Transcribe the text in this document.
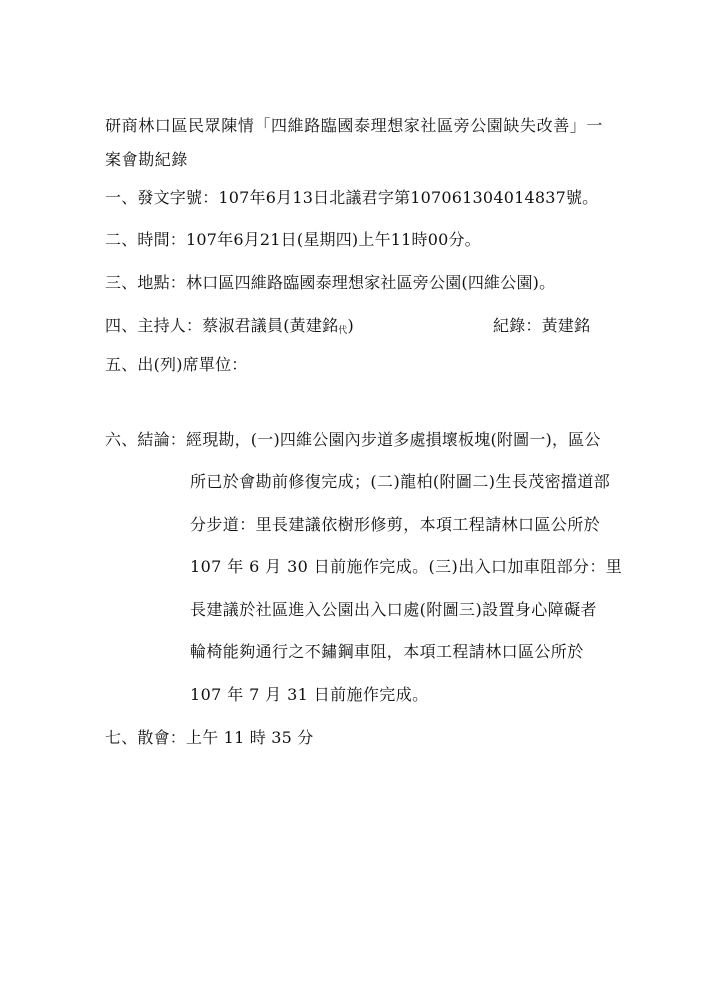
研商林口區民眾陳情「四維路臨國泰理想家社區旁公園缺失改善」一
案會勘紀錄
一、發文字號：107年6月13日北議君字第107061304014837號。
二、時間：107年6月21日(星期四)上午11時00分。
三、地點：林口區四維路臨國泰理想家社區旁公園(四維公園)。
四、主持人：蔡淑君議員(黃建銘代)	紀錄：黃建銘
五、出(列)席單位：
六、結論：經現勘，(一)四維公園內步道多處損壞板塊(附圖一)，區公
所已於會勘前修復完成；(二)龍柏(附圖二)生長茂密擋道部
分步道：里長建議依樹形修剪，本項工程請林口區公所於
107 年 6 月 30 日前施作完成。(三)出入口加車阻部分：里
長建議於社區進入公園出入口處(附圖三)設置身心障礙者
輪椅能夠通行之不鏽鋼車阻，本項工程請林口區公所於
107 年 7 月 31 日前施作完成。
七、散會：上午 11 時 35 分
